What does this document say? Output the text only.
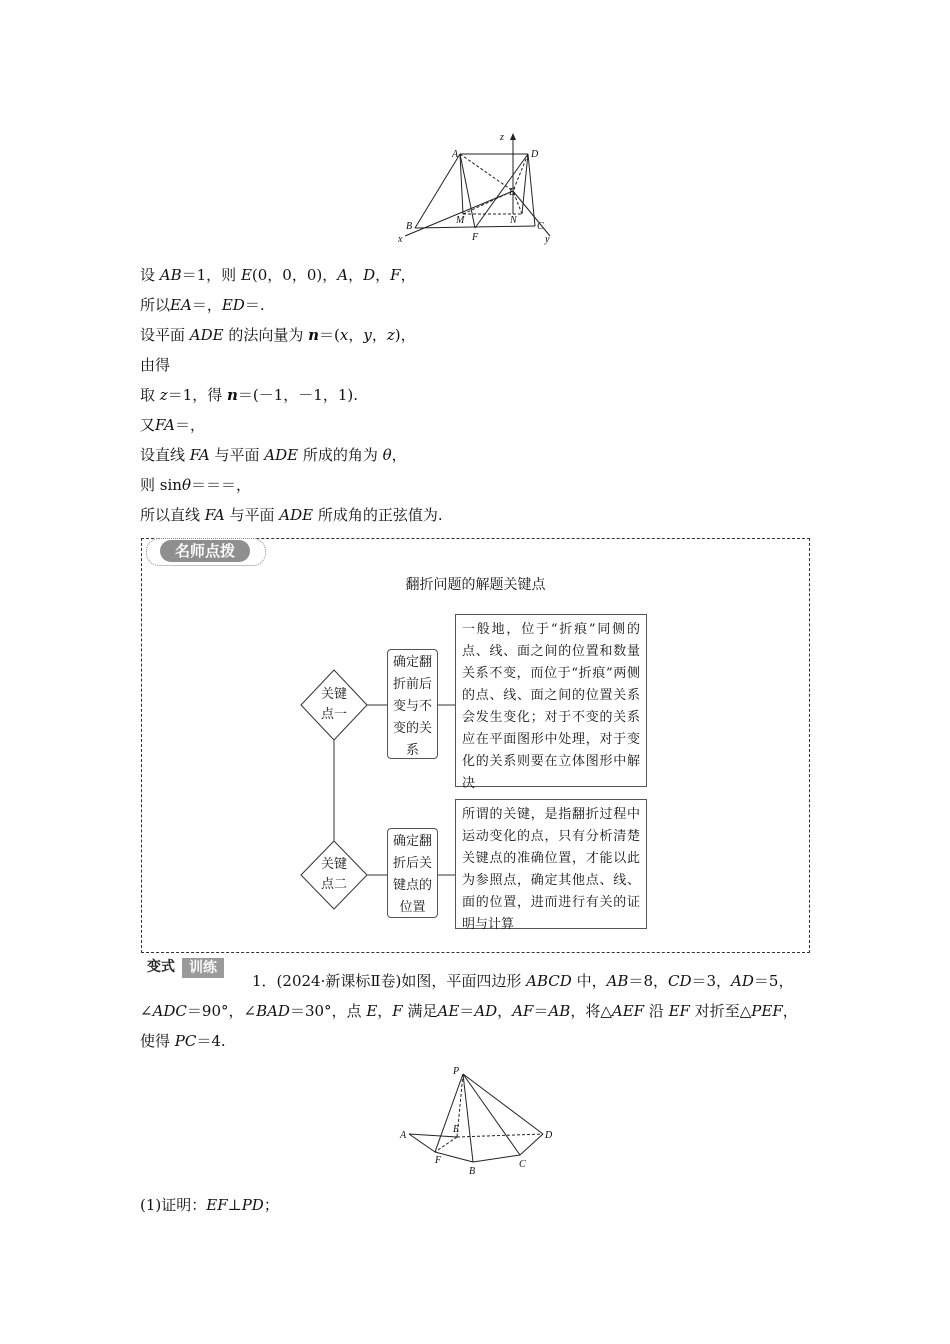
A	D
z
E
B
M	N
C
F
x	y
设 AB＝1，则 E(0，0，0)，A，D，F，
所以EA＝，ED＝.
设平面 ADE 的法向量为 n＝(x，y，z)，
由得
取 z＝1，得 n＝(－1，－1，1).
又FA＝，
设直线 FA 与平面 ADE 所成的角为 θ，
则 sinθ＝＝＝，
所以直线 FA 与平面 ADE 所成角的正弦值为.
名师点拨
翻折问题的解题关键点
关键
点一
关键
点二
确定翻
折前后
变与不
变的关
系
确定翻
折后关
键点的
位置
一般地，位于“折痕”同侧的点、线、面之间的位置和数量关系不变，而位于“折痕”两侧的点、线、面之间的位置关系会发生变化；对于不变的关系应在平面图形中处理，对于变化的关系则要在立体图形中解决
所谓的关键，是指翻折过程中运动变化的点，只有分析清楚关键点的准确位置，才能以此为参照点，确定其他点、线、面的位置，进而进行有关的证明与计算
变式	训练
1．(2024·新课标Ⅱ卷)如图，平面四边形 ABCD 中，AB＝8，CD＝3，AD＝5，∠ADC＝90°，∠BAD＝30°，点 E，F 满足AE＝AD，AF＝AB，将△AEF 沿 EF 对折至△PEF，使得 PC＝4.
P
A
E
D
F
B
C
(1)证明：EF⊥PD；
